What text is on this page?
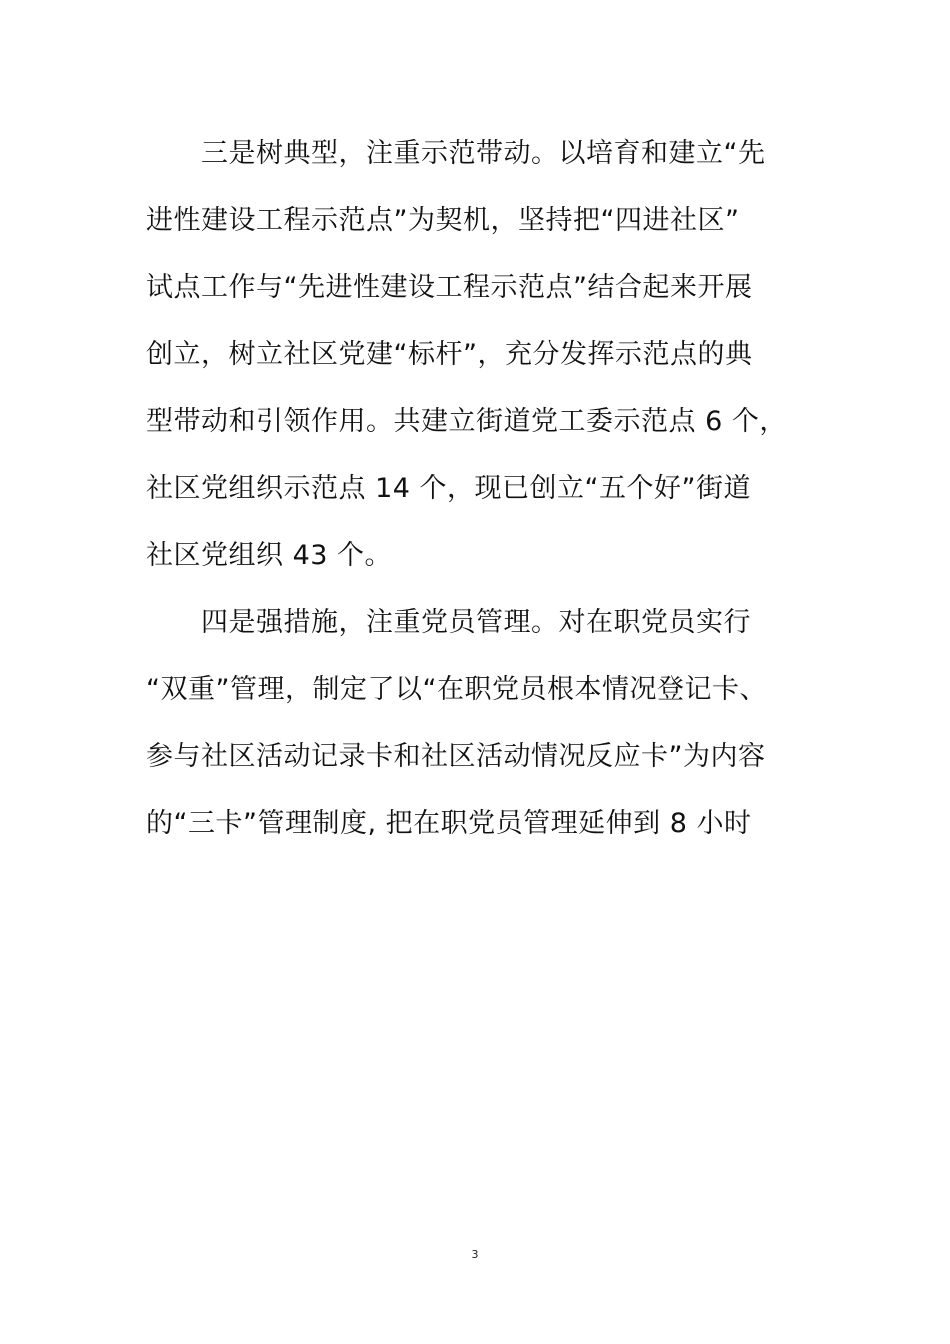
　　三是树典型，注重示范带动。以培育和建立“先
进性建设工程示范点”为契机，坚持把“四进社区”
试点工作与“先进性建设工程示范点”结合起来开展
创立，树立社区党建“标杆”，充分发挥示范点的典
型带动和引领作用。共建立街道党工委示范点 6 个，
社区党组织示范点 14 个，现已创立“五个好”街道
社区党组织 43 个。
　　四是强措施，注重党员管理。对在职党员实行
“双重”管理，制定了以“在职党员根本情况登记卡、
参与社区活动记录卡和社区活动情况反应卡”为内容
的“三卡”管理制度, 把在职党员管理延伸到 8 小时
3
